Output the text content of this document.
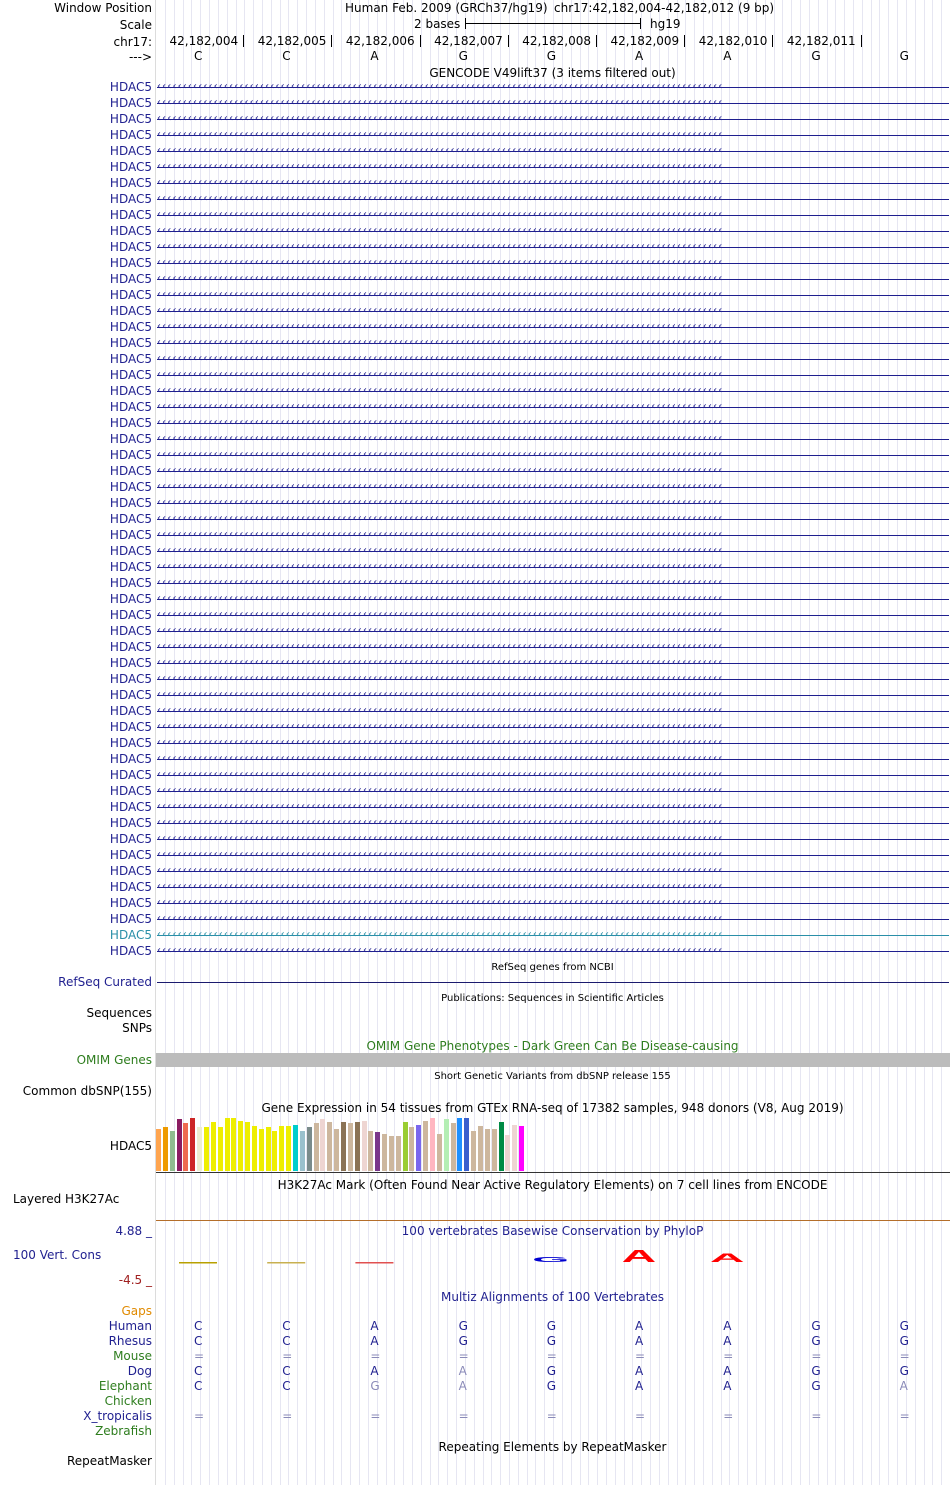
Window Position	Human Feb. 2009 (GRCh37/hg19) chr17:42,182,004-42,182,012 (9 bp)
Scale	2 bases	hg19
chr17: 42,182,004 42,182,005 42,182,006 42,182,007 42,182,008 42,182,009 42,182,010 42,182,011
--->	C	C	A	G	G	A	A	G	G
GENCODE V49lift37 (3 items filtered out)
HDAC5 ‹‹‹‹‹‹‹‹‹‹‹‹‹‹‹‹‹‹‹‹‹‹‹‹‹‹‹‹‹‹‹‹‹‹‹‹‹‹‹‹‹‹‹‹‹‹‹‹‹‹‹‹‹‹‹‹‹‹‹‹‹‹‹‹‹‹‹‹‹‹‹‹‹‹‹‹‹‹‹‹‹‹‹‹‹‹‹‹‹‹‹‹‹‹‹‹‹‹‹‹‹‹‹‹‹‹‹‹‹‹
HDAC5 ‹‹‹‹‹‹‹‹‹‹‹‹‹‹‹‹‹‹‹‹‹‹‹‹‹‹‹‹‹‹‹‹‹‹‹‹‹‹‹‹‹‹‹‹‹‹‹‹‹‹‹‹‹‹‹‹‹‹‹‹‹‹‹‹‹‹‹‹‹‹‹‹‹‹‹‹‹‹‹‹‹‹‹‹‹‹‹‹‹‹‹‹‹‹‹‹‹‹‹‹‹‹‹‹‹‹‹‹‹‹
HDAC5 ‹‹‹‹‹‹‹‹‹‹‹‹‹‹‹‹‹‹‹‹‹‹‹‹‹‹‹‹‹‹‹‹‹‹‹‹‹‹‹‹‹‹‹‹‹‹‹‹‹‹‹‹‹‹‹‹‹‹‹‹‹‹‹‹‹‹‹‹‹‹‹‹‹‹‹‹‹‹‹‹‹‹‹‹‹‹‹‹‹‹‹‹‹‹‹‹‹‹‹‹‹‹‹‹‹‹‹‹‹‹
HDAC5 ‹‹‹‹‹‹‹‹‹‹‹‹‹‹‹‹‹‹‹‹‹‹‹‹‹‹‹‹‹‹‹‹‹‹‹‹‹‹‹‹‹‹‹‹‹‹‹‹‹‹‹‹‹‹‹‹‹‹‹‹‹‹‹‹‹‹‹‹‹‹‹‹‹‹‹‹‹‹‹‹‹‹‹‹‹‹‹‹‹‹‹‹‹‹‹‹‹‹‹‹‹‹‹‹‹‹‹‹‹‹
HDAC5 ‹‹‹‹‹‹‹‹‹‹‹‹‹‹‹‹‹‹‹‹‹‹‹‹‹‹‹‹‹‹‹‹‹‹‹‹‹‹‹‹‹‹‹‹‹‹‹‹‹‹‹‹‹‹‹‹‹‹‹‹‹‹‹‹‹‹‹‹‹‹‹‹‹‹‹‹‹‹‹‹‹‹‹‹‹‹‹‹‹‹‹‹‹‹‹‹‹‹‹‹‹‹‹‹‹‹‹‹‹‹
HDAC5 ‹‹‹‹‹‹‹‹‹‹‹‹‹‹‹‹‹‹‹‹‹‹‹‹‹‹‹‹‹‹‹‹‹‹‹‹‹‹‹‹‹‹‹‹‹‹‹‹‹‹‹‹‹‹‹‹‹‹‹‹‹‹‹‹‹‹‹‹‹‹‹‹‹‹‹‹‹‹‹‹‹‹‹‹‹‹‹‹‹‹‹‹‹‹‹‹‹‹‹‹‹‹‹‹‹‹‹‹‹‹
HDAC5 ‹‹‹‹‹‹‹‹‹‹‹‹‹‹‹‹‹‹‹‹‹‹‹‹‹‹‹‹‹‹‹‹‹‹‹‹‹‹‹‹‹‹‹‹‹‹‹‹‹‹‹‹‹‹‹‹‹‹‹‹‹‹‹‹‹‹‹‹‹‹‹‹‹‹‹‹‹‹‹‹‹‹‹‹‹‹‹‹‹‹‹‹‹‹‹‹‹‹‹‹‹‹‹‹‹‹‹‹‹‹
HDAC5 ‹‹‹‹‹‹‹‹‹‹‹‹‹‹‹‹‹‹‹‹‹‹‹‹‹‹‹‹‹‹‹‹‹‹‹‹‹‹‹‹‹‹‹‹‹‹‹‹‹‹‹‹‹‹‹‹‹‹‹‹‹‹‹‹‹‹‹‹‹‹‹‹‹‹‹‹‹‹‹‹‹‹‹‹‹‹‹‹‹‹‹‹‹‹‹‹‹‹‹‹‹‹‹‹‹‹‹‹‹‹
HDAC5 ‹‹‹‹‹‹‹‹‹‹‹‹‹‹‹‹‹‹‹‹‹‹‹‹‹‹‹‹‹‹‹‹‹‹‹‹‹‹‹‹‹‹‹‹‹‹‹‹‹‹‹‹‹‹‹‹‹‹‹‹‹‹‹‹‹‹‹‹‹‹‹‹‹‹‹‹‹‹‹‹‹‹‹‹‹‹‹‹‹‹‹‹‹‹‹‹‹‹‹‹‹‹‹‹‹‹‹‹‹‹
HDAC5 ‹‹‹‹‹‹‹‹‹‹‹‹‹‹‹‹‹‹‹‹‹‹‹‹‹‹‹‹‹‹‹‹‹‹‹‹‹‹‹‹‹‹‹‹‹‹‹‹‹‹‹‹‹‹‹‹‹‹‹‹‹‹‹‹‹‹‹‹‹‹‹‹‹‹‹‹‹‹‹‹‹‹‹‹‹‹‹‹‹‹‹‹‹‹‹‹‹‹‹‹‹‹‹‹‹‹‹‹‹‹
HDAC5 ‹‹‹‹‹‹‹‹‹‹‹‹‹‹‹‹‹‹‹‹‹‹‹‹‹‹‹‹‹‹‹‹‹‹‹‹‹‹‹‹‹‹‹‹‹‹‹‹‹‹‹‹‹‹‹‹‹‹‹‹‹‹‹‹‹‹‹‹‹‹‹‹‹‹‹‹‹‹‹‹‹‹‹‹‹‹‹‹‹‹‹‹‹‹‹‹‹‹‹‹‹‹‹‹‹‹‹‹‹‹
HDAC5 ‹‹‹‹‹‹‹‹‹‹‹‹‹‹‹‹‹‹‹‹‹‹‹‹‹‹‹‹‹‹‹‹‹‹‹‹‹‹‹‹‹‹‹‹‹‹‹‹‹‹‹‹‹‹‹‹‹‹‹‹‹‹‹‹‹‹‹‹‹‹‹‹‹‹‹‹‹‹‹‹‹‹‹‹‹‹‹‹‹‹‹‹‹‹‹‹‹‹‹‹‹‹‹‹‹‹‹‹‹‹
HDAC5 ‹‹‹‹‹‹‹‹‹‹‹‹‹‹‹‹‹‹‹‹‹‹‹‹‹‹‹‹‹‹‹‹‹‹‹‹‹‹‹‹‹‹‹‹‹‹‹‹‹‹‹‹‹‹‹‹‹‹‹‹‹‹‹‹‹‹‹‹‹‹‹‹‹‹‹‹‹‹‹‹‹‹‹‹‹‹‹‹‹‹‹‹‹‹‹‹‹‹‹‹‹‹‹‹‹‹‹‹‹‹
HDAC5 ‹‹‹‹‹‹‹‹‹‹‹‹‹‹‹‹‹‹‹‹‹‹‹‹‹‹‹‹‹‹‹‹‹‹‹‹‹‹‹‹‹‹‹‹‹‹‹‹‹‹‹‹‹‹‹‹‹‹‹‹‹‹‹‹‹‹‹‹‹‹‹‹‹‹‹‹‹‹‹‹‹‹‹‹‹‹‹‹‹‹‹‹‹‹‹‹‹‹‹‹‹‹‹‹‹‹‹‹‹‹
HDAC5 ‹‹‹‹‹‹‹‹‹‹‹‹‹‹‹‹‹‹‹‹‹‹‹‹‹‹‹‹‹‹‹‹‹‹‹‹‹‹‹‹‹‹‹‹‹‹‹‹‹‹‹‹‹‹‹‹‹‹‹‹‹‹‹‹‹‹‹‹‹‹‹‹‹‹‹‹‹‹‹‹‹‹‹‹‹‹‹‹‹‹‹‹‹‹‹‹‹‹‹‹‹‹‹‹‹‹‹‹‹‹
HDAC5 ‹‹‹‹‹‹‹‹‹‹‹‹‹‹‹‹‹‹‹‹‹‹‹‹‹‹‹‹‹‹‹‹‹‹‹‹‹‹‹‹‹‹‹‹‹‹‹‹‹‹‹‹‹‹‹‹‹‹‹‹‹‹‹‹‹‹‹‹‹‹‹‹‹‹‹‹‹‹‹‹‹‹‹‹‹‹‹‹‹‹‹‹‹‹‹‹‹‹‹‹‹‹‹‹‹‹‹‹‹‹
HDAC5 ‹‹‹‹‹‹‹‹‹‹‹‹‹‹‹‹‹‹‹‹‹‹‹‹‹‹‹‹‹‹‹‹‹‹‹‹‹‹‹‹‹‹‹‹‹‹‹‹‹‹‹‹‹‹‹‹‹‹‹‹‹‹‹‹‹‹‹‹‹‹‹‹‹‹‹‹‹‹‹‹‹‹‹‹‹‹‹‹‹‹‹‹‹‹‹‹‹‹‹‹‹‹‹‹‹‹‹‹‹‹
HDAC5 ‹‹‹‹‹‹‹‹‹‹‹‹‹‹‹‹‹‹‹‹‹‹‹‹‹‹‹‹‹‹‹‹‹‹‹‹‹‹‹‹‹‹‹‹‹‹‹‹‹‹‹‹‹‹‹‹‹‹‹‹‹‹‹‹‹‹‹‹‹‹‹‹‹‹‹‹‹‹‹‹‹‹‹‹‹‹‹‹‹‹‹‹‹‹‹‹‹‹‹‹‹‹‹‹‹‹‹‹‹‹
HDAC5 ‹‹‹‹‹‹‹‹‹‹‹‹‹‹‹‹‹‹‹‹‹‹‹‹‹‹‹‹‹‹‹‹‹‹‹‹‹‹‹‹‹‹‹‹‹‹‹‹‹‹‹‹‹‹‹‹‹‹‹‹‹‹‹‹‹‹‹‹‹‹‹‹‹‹‹‹‹‹‹‹‹‹‹‹‹‹‹‹‹‹‹‹‹‹‹‹‹‹‹‹‹‹‹‹‹‹‹‹‹‹
HDAC5 ‹‹‹‹‹‹‹‹‹‹‹‹‹‹‹‹‹‹‹‹‹‹‹‹‹‹‹‹‹‹‹‹‹‹‹‹‹‹‹‹‹‹‹‹‹‹‹‹‹‹‹‹‹‹‹‹‹‹‹‹‹‹‹‹‹‹‹‹‹‹‹‹‹‹‹‹‹‹‹‹‹‹‹‹‹‹‹‹‹‹‹‹‹‹‹‹‹‹‹‹‹‹‹‹‹‹‹‹‹‹
HDAC5 ‹‹‹‹‹‹‹‹‹‹‹‹‹‹‹‹‹‹‹‹‹‹‹‹‹‹‹‹‹‹‹‹‹‹‹‹‹‹‹‹‹‹‹‹‹‹‹‹‹‹‹‹‹‹‹‹‹‹‹‹‹‹‹‹‹‹‹‹‹‹‹‹‹‹‹‹‹‹‹‹‹‹‹‹‹‹‹‹‹‹‹‹‹‹‹‹‹‹‹‹‹‹‹‹‹‹‹‹‹‹
HDAC5 ‹‹‹‹‹‹‹‹‹‹‹‹‹‹‹‹‹‹‹‹‹‹‹‹‹‹‹‹‹‹‹‹‹‹‹‹‹‹‹‹‹‹‹‹‹‹‹‹‹‹‹‹‹‹‹‹‹‹‹‹‹‹‹‹‹‹‹‹‹‹‹‹‹‹‹‹‹‹‹‹‹‹‹‹‹‹‹‹‹‹‹‹‹‹‹‹‹‹‹‹‹‹‹‹‹‹‹‹‹‹
HDAC5 ‹‹‹‹‹‹‹‹‹‹‹‹‹‹‹‹‹‹‹‹‹‹‹‹‹‹‹‹‹‹‹‹‹‹‹‹‹‹‹‹‹‹‹‹‹‹‹‹‹‹‹‹‹‹‹‹‹‹‹‹‹‹‹‹‹‹‹‹‹‹‹‹‹‹‹‹‹‹‹‹‹‹‹‹‹‹‹‹‹‹‹‹‹‹‹‹‹‹‹‹‹‹‹‹‹‹‹‹‹‹
HDAC5 ‹‹‹‹‹‹‹‹‹‹‹‹‹‹‹‹‹‹‹‹‹‹‹‹‹‹‹‹‹‹‹‹‹‹‹‹‹‹‹‹‹‹‹‹‹‹‹‹‹‹‹‹‹‹‹‹‹‹‹‹‹‹‹‹‹‹‹‹‹‹‹‹‹‹‹‹‹‹‹‹‹‹‹‹‹‹‹‹‹‹‹‹‹‹‹‹‹‹‹‹‹‹‹‹‹‹‹‹‹‹
HDAC5 ‹‹‹‹‹‹‹‹‹‹‹‹‹‹‹‹‹‹‹‹‹‹‹‹‹‹‹‹‹‹‹‹‹‹‹‹‹‹‹‹‹‹‹‹‹‹‹‹‹‹‹‹‹‹‹‹‹‹‹‹‹‹‹‹‹‹‹‹‹‹‹‹‹‹‹‹‹‹‹‹‹‹‹‹‹‹‹‹‹‹‹‹‹‹‹‹‹‹‹‹‹‹‹‹‹‹‹‹‹‹
HDAC5 ‹‹‹‹‹‹‹‹‹‹‹‹‹‹‹‹‹‹‹‹‹‹‹‹‹‹‹‹‹‹‹‹‹‹‹‹‹‹‹‹‹‹‹‹‹‹‹‹‹‹‹‹‹‹‹‹‹‹‹‹‹‹‹‹‹‹‹‹‹‹‹‹‹‹‹‹‹‹‹‹‹‹‹‹‹‹‹‹‹‹‹‹‹‹‹‹‹‹‹‹‹‹‹‹‹‹‹‹‹‹
HDAC5 ‹‹‹‹‹‹‹‹‹‹‹‹‹‹‹‹‹‹‹‹‹‹‹‹‹‹‹‹‹‹‹‹‹‹‹‹‹‹‹‹‹‹‹‹‹‹‹‹‹‹‹‹‹‹‹‹‹‹‹‹‹‹‹‹‹‹‹‹‹‹‹‹‹‹‹‹‹‹‹‹‹‹‹‹‹‹‹‹‹‹‹‹‹‹‹‹‹‹‹‹‹‹‹‹‹‹‹‹‹‹
HDAC5 ‹‹‹‹‹‹‹‹‹‹‹‹‹‹‹‹‹‹‹‹‹‹‹‹‹‹‹‹‹‹‹‹‹‹‹‹‹‹‹‹‹‹‹‹‹‹‹‹‹‹‹‹‹‹‹‹‹‹‹‹‹‹‹‹‹‹‹‹‹‹‹‹‹‹‹‹‹‹‹‹‹‹‹‹‹‹‹‹‹‹‹‹‹‹‹‹‹‹‹‹‹‹‹‹‹‹‹‹‹‹
HDAC5 ‹‹‹‹‹‹‹‹‹‹‹‹‹‹‹‹‹‹‹‹‹‹‹‹‹‹‹‹‹‹‹‹‹‹‹‹‹‹‹‹‹‹‹‹‹‹‹‹‹‹‹‹‹‹‹‹‹‹‹‹‹‹‹‹‹‹‹‹‹‹‹‹‹‹‹‹‹‹‹‹‹‹‹‹‹‹‹‹‹‹‹‹‹‹‹‹‹‹‹‹‹‹‹‹‹‹‹‹‹‹
HDAC5 ‹‹‹‹‹‹‹‹‹‹‹‹‹‹‹‹‹‹‹‹‹‹‹‹‹‹‹‹‹‹‹‹‹‹‹‹‹‹‹‹‹‹‹‹‹‹‹‹‹‹‹‹‹‹‹‹‹‹‹‹‹‹‹‹‹‹‹‹‹‹‹‹‹‹‹‹‹‹‹‹‹‹‹‹‹‹‹‹‹‹‹‹‹‹‹‹‹‹‹‹‹‹‹‹‹‹‹‹‹‹
HDAC5 ‹‹‹‹‹‹‹‹‹‹‹‹‹‹‹‹‹‹‹‹‹‹‹‹‹‹‹‹‹‹‹‹‹‹‹‹‹‹‹‹‹‹‹‹‹‹‹‹‹‹‹‹‹‹‹‹‹‹‹‹‹‹‹‹‹‹‹‹‹‹‹‹‹‹‹‹‹‹‹‹‹‹‹‹‹‹‹‹‹‹‹‹‹‹‹‹‹‹‹‹‹‹‹‹‹‹‹‹‹‹
HDAC5 ‹‹‹‹‹‹‹‹‹‹‹‹‹‹‹‹‹‹‹‹‹‹‹‹‹‹‹‹‹‹‹‹‹‹‹‹‹‹‹‹‹‹‹‹‹‹‹‹‹‹‹‹‹‹‹‹‹‹‹‹‹‹‹‹‹‹‹‹‹‹‹‹‹‹‹‹‹‹‹‹‹‹‹‹‹‹‹‹‹‹‹‹‹‹‹‹‹‹‹‹‹‹‹‹‹‹‹‹‹‹
HDAC5 ‹‹‹‹‹‹‹‹‹‹‹‹‹‹‹‹‹‹‹‹‹‹‹‹‹‹‹‹‹‹‹‹‹‹‹‹‹‹‹‹‹‹‹‹‹‹‹‹‹‹‹‹‹‹‹‹‹‹‹‹‹‹‹‹‹‹‹‹‹‹‹‹‹‹‹‹‹‹‹‹‹‹‹‹‹‹‹‹‹‹‹‹‹‹‹‹‹‹‹‹‹‹‹‹‹‹‹‹‹‹
HDAC5 ‹‹‹‹‹‹‹‹‹‹‹‹‹‹‹‹‹‹‹‹‹‹‹‹‹‹‹‹‹‹‹‹‹‹‹‹‹‹‹‹‹‹‹‹‹‹‹‹‹‹‹‹‹‹‹‹‹‹‹‹‹‹‹‹‹‹‹‹‹‹‹‹‹‹‹‹‹‹‹‹‹‹‹‹‹‹‹‹‹‹‹‹‹‹‹‹‹‹‹‹‹‹‹‹‹‹‹‹‹‹
HDAC5 ‹‹‹‹‹‹‹‹‹‹‹‹‹‹‹‹‹‹‹‹‹‹‹‹‹‹‹‹‹‹‹‹‹‹‹‹‹‹‹‹‹‹‹‹‹‹‹‹‹‹‹‹‹‹‹‹‹‹‹‹‹‹‹‹‹‹‹‹‹‹‹‹‹‹‹‹‹‹‹‹‹‹‹‹‹‹‹‹‹‹‹‹‹‹‹‹‹‹‹‹‹‹‹‹‹‹‹‹‹‹
HDAC5 ‹‹‹‹‹‹‹‹‹‹‹‹‹‹‹‹‹‹‹‹‹‹‹‹‹‹‹‹‹‹‹‹‹‹‹‹‹‹‹‹‹‹‹‹‹‹‹‹‹‹‹‹‹‹‹‹‹‹‹‹‹‹‹‹‹‹‹‹‹‹‹‹‹‹‹‹‹‹‹‹‹‹‹‹‹‹‹‹‹‹‹‹‹‹‹‹‹‹‹‹‹‹‹‹‹‹‹‹‹‹
HDAC5 ‹‹‹‹‹‹‹‹‹‹‹‹‹‹‹‹‹‹‹‹‹‹‹‹‹‹‹‹‹‹‹‹‹‹‹‹‹‹‹‹‹‹‹‹‹‹‹‹‹‹‹‹‹‹‹‹‹‹‹‹‹‹‹‹‹‹‹‹‹‹‹‹‹‹‹‹‹‹‹‹‹‹‹‹‹‹‹‹‹‹‹‹‹‹‹‹‹‹‹‹‹‹‹‹‹‹‹‹‹‹
HDAC5 ‹‹‹‹‹‹‹‹‹‹‹‹‹‹‹‹‹‹‹‹‹‹‹‹‹‹‹‹‹‹‹‹‹‹‹‹‹‹‹‹‹‹‹‹‹‹‹‹‹‹‹‹‹‹‹‹‹‹‹‹‹‹‹‹‹‹‹‹‹‹‹‹‹‹‹‹‹‹‹‹‹‹‹‹‹‹‹‹‹‹‹‹‹‹‹‹‹‹‹‹‹‹‹‹‹‹‹‹‹‹
HDAC5 ‹‹‹‹‹‹‹‹‹‹‹‹‹‹‹‹‹‹‹‹‹‹‹‹‹‹‹‹‹‹‹‹‹‹‹‹‹‹‹‹‹‹‹‹‹‹‹‹‹‹‹‹‹‹‹‹‹‹‹‹‹‹‹‹‹‹‹‹‹‹‹‹‹‹‹‹‹‹‹‹‹‹‹‹‹‹‹‹‹‹‹‹‹‹‹‹‹‹‹‹‹‹‹‹‹‹‹‹‹‹
HDAC5 ‹‹‹‹‹‹‹‹‹‹‹‹‹‹‹‹‹‹‹‹‹‹‹‹‹‹‹‹‹‹‹‹‹‹‹‹‹‹‹‹‹‹‹‹‹‹‹‹‹‹‹‹‹‹‹‹‹‹‹‹‹‹‹‹‹‹‹‹‹‹‹‹‹‹‹‹‹‹‹‹‹‹‹‹‹‹‹‹‹‹‹‹‹‹‹‹‹‹‹‹‹‹‹‹‹‹‹‹‹‹
HDAC5 ‹‹‹‹‹‹‹‹‹‹‹‹‹‹‹‹‹‹‹‹‹‹‹‹‹‹‹‹‹‹‹‹‹‹‹‹‹‹‹‹‹‹‹‹‹‹‹‹‹‹‹‹‹‹‹‹‹‹‹‹‹‹‹‹‹‹‹‹‹‹‹‹‹‹‹‹‹‹‹‹‹‹‹‹‹‹‹‹‹‹‹‹‹‹‹‹‹‹‹‹‹‹‹‹‹‹‹‹‹‹
HDAC5 ‹‹‹‹‹‹‹‹‹‹‹‹‹‹‹‹‹‹‹‹‹‹‹‹‹‹‹‹‹‹‹‹‹‹‹‹‹‹‹‹‹‹‹‹‹‹‹‹‹‹‹‹‹‹‹‹‹‹‹‹‹‹‹‹‹‹‹‹‹‹‹‹‹‹‹‹‹‹‹‹‹‹‹‹‹‹‹‹‹‹‹‹‹‹‹‹‹‹‹‹‹‹‹‹‹‹‹‹‹‹
HDAC5 ‹‹‹‹‹‹‹‹‹‹‹‹‹‹‹‹‹‹‹‹‹‹‹‹‹‹‹‹‹‹‹‹‹‹‹‹‹‹‹‹‹‹‹‹‹‹‹‹‹‹‹‹‹‹‹‹‹‹‹‹‹‹‹‹‹‹‹‹‹‹‹‹‹‹‹‹‹‹‹‹‹‹‹‹‹‹‹‹‹‹‹‹‹‹‹‹‹‹‹‹‹‹‹‹‹‹‹‹‹‹
HDAC5 ‹‹‹‹‹‹‹‹‹‹‹‹‹‹‹‹‹‹‹‹‹‹‹‹‹‹‹‹‹‹‹‹‹‹‹‹‹‹‹‹‹‹‹‹‹‹‹‹‹‹‹‹‹‹‹‹‹‹‹‹‹‹‹‹‹‹‹‹‹‹‹‹‹‹‹‹‹‹‹‹‹‹‹‹‹‹‹‹‹‹‹‹‹‹‹‹‹‹‹‹‹‹‹‹‹‹‹‹‹‹
HDAC5 ‹‹‹‹‹‹‹‹‹‹‹‹‹‹‹‹‹‹‹‹‹‹‹‹‹‹‹‹‹‹‹‹‹‹‹‹‹‹‹‹‹‹‹‹‹‹‹‹‹‹‹‹‹‹‹‹‹‹‹‹‹‹‹‹‹‹‹‹‹‹‹‹‹‹‹‹‹‹‹‹‹‹‹‹‹‹‹‹‹‹‹‹‹‹‹‹‹‹‹‹‹‹‹‹‹‹‹‹‹‹
HDAC5 ‹‹‹‹‹‹‹‹‹‹‹‹‹‹‹‹‹‹‹‹‹‹‹‹‹‹‹‹‹‹‹‹‹‹‹‹‹‹‹‹‹‹‹‹‹‹‹‹‹‹‹‹‹‹‹‹‹‹‹‹‹‹‹‹‹‹‹‹‹‹‹‹‹‹‹‹‹‹‹‹‹‹‹‹‹‹‹‹‹‹‹‹‹‹‹‹‹‹‹‹‹‹‹‹‹‹‹‹‹‹
HDAC5 ‹‹‹‹‹‹‹‹‹‹‹‹‹‹‹‹‹‹‹‹‹‹‹‹‹‹‹‹‹‹‹‹‹‹‹‹‹‹‹‹‹‹‹‹‹‹‹‹‹‹‹‹‹‹‹‹‹‹‹‹‹‹‹‹‹‹‹‹‹‹‹‹‹‹‹‹‹‹‹‹‹‹‹‹‹‹‹‹‹‹‹‹‹‹‹‹‹‹‹‹‹‹‹‹‹‹‹‹‹‹
HDAC5 ‹‹‹‹‹‹‹‹‹‹‹‹‹‹‹‹‹‹‹‹‹‹‹‹‹‹‹‹‹‹‹‹‹‹‹‹‹‹‹‹‹‹‹‹‹‹‹‹‹‹‹‹‹‹‹‹‹‹‹‹‹‹‹‹‹‹‹‹‹‹‹‹‹‹‹‹‹‹‹‹‹‹‹‹‹‹‹‹‹‹‹‹‹‹‹‹‹‹‹‹‹‹‹‹‹‹‹‹‹‹
HDAC5 ‹‹‹‹‹‹‹‹‹‹‹‹‹‹‹‹‹‹‹‹‹‹‹‹‹‹‹‹‹‹‹‹‹‹‹‹‹‹‹‹‹‹‹‹‹‹‹‹‹‹‹‹‹‹‹‹‹‹‹‹‹‹‹‹‹‹‹‹‹‹‹‹‹‹‹‹‹‹‹‹‹‹‹‹‹‹‹‹‹‹‹‹‹‹‹‹‹‹‹‹‹‹‹‹‹‹‹‹‹‹
HDAC5 ‹‹‹‹‹‹‹‹‹‹‹‹‹‹‹‹‹‹‹‹‹‹‹‹‹‹‹‹‹‹‹‹‹‹‹‹‹‹‹‹‹‹‹‹‹‹‹‹‹‹‹‹‹‹‹‹‹‹‹‹‹‹‹‹‹‹‹‹‹‹‹‹‹‹‹‹‹‹‹‹‹‹‹‹‹‹‹‹‹‹‹‹‹‹‹‹‹‹‹‹‹‹‹‹‹‹‹‹‹‹
HDAC5 ‹‹‹‹‹‹‹‹‹‹‹‹‹‹‹‹‹‹‹‹‹‹‹‹‹‹‹‹‹‹‹‹‹‹‹‹‹‹‹‹‹‹‹‹‹‹‹‹‹‹‹‹‹‹‹‹‹‹‹‹‹‹‹‹‹‹‹‹‹‹‹‹‹‹‹‹‹‹‹‹‹‹‹‹‹‹‹‹‹‹‹‹‹‹‹‹‹‹‹‹‹‹‹‹‹‹‹‹‹‹
HDAC5 ‹‹‹‹‹‹‹‹‹‹‹‹‹‹‹‹‹‹‹‹‹‹‹‹‹‹‹‹‹‹‹‹‹‹‹‹‹‹‹‹‹‹‹‹‹‹‹‹‹‹‹‹‹‹‹‹‹‹‹‹‹‹‹‹‹‹‹‹‹‹‹‹‹‹‹‹‹‹‹‹‹‹‹‹‹‹‹‹‹‹‹‹‹‹‹‹‹‹‹‹‹‹‹‹‹‹‹‹‹‹
HDAC5 ‹‹‹‹‹‹‹‹‹‹‹‹‹‹‹‹‹‹‹‹‹‹‹‹‹‹‹‹‹‹‹‹‹‹‹‹‹‹‹‹‹‹‹‹‹‹‹‹‹‹‹‹‹‹‹‹‹‹‹‹‹‹‹‹‹‹‹‹‹‹‹‹‹‹‹‹‹‹‹‹‹‹‹‹‹‹‹‹‹‹‹‹‹‹‹‹‹‹‹‹‹‹‹‹‹‹‹‹‹‹
HDAC5 ‹‹‹‹‹‹‹‹‹‹‹‹‹‹‹‹‹‹‹‹‹‹‹‹‹‹‹‹‹‹‹‹‹‹‹‹‹‹‹‹‹‹‹‹‹‹‹‹‹‹‹‹‹‹‹‹‹‹‹‹‹‹‹‹‹‹‹‹‹‹‹‹‹‹‹‹‹‹‹‹‹‹‹‹‹‹‹‹‹‹‹‹‹‹‹‹‹‹‹‹‹‹‹‹‹‹‹‹‹‹
HDAC5 ‹‹‹‹‹‹‹‹‹‹‹‹‹‹‹‹‹‹‹‹‹‹‹‹‹‹‹‹‹‹‹‹‹‹‹‹‹‹‹‹‹‹‹‹‹‹‹‹‹‹‹‹‹‹‹‹‹‹‹‹‹‹‹‹‹‹‹‹‹‹‹‹‹‹‹‹‹‹‹‹‹‹‹‹‹‹‹‹‹‹‹‹‹‹‹‹‹‹‹‹‹‹‹‹‹‹‹‹‹‹
RefSeq genes from NCBI
RefSeq Curated
Publications: Sequences in Scientific Articles
Sequences
SNPs
OMIM Gene Phenotypes - Dark Green Can Be Disease-causing
OMIM Genes
Short Genetic Variants from dbSNP release 155
Common dbSNP(155)
Gene Expression in 54 tissues from GTEx RNA-seq of 17382 samples, 948 donors (V8, Aug 2019)
HDAC5
H3K27Ac Mark (Often Found Near Active Regulatory Elements) on 7 cell lines from ENCODE
Layered H3K27Ac
100 vertebrates Basewise Conservation by PhyloP
4.88 _
100 Vert. Cons
-4.5 _
G	A	A
Multiz Alignments of 100 Vertebrates
Gaps
Human	C	C	A	G	G	A	A	G	G
Rhesus	C	C	A	G	G	A	A	G	G
Mouse	=	=	=	=	=	=	=	=	=
Dog	C	C	A	A	G	A	A	G	G
Elephant	C	C	G	A	G	A	A	G	A
Chicken
X_tropicalis	=	=	=	=	=	=	=	=	=
Zebrafish
Repeating Elements by RepeatMasker
RepeatMasker
